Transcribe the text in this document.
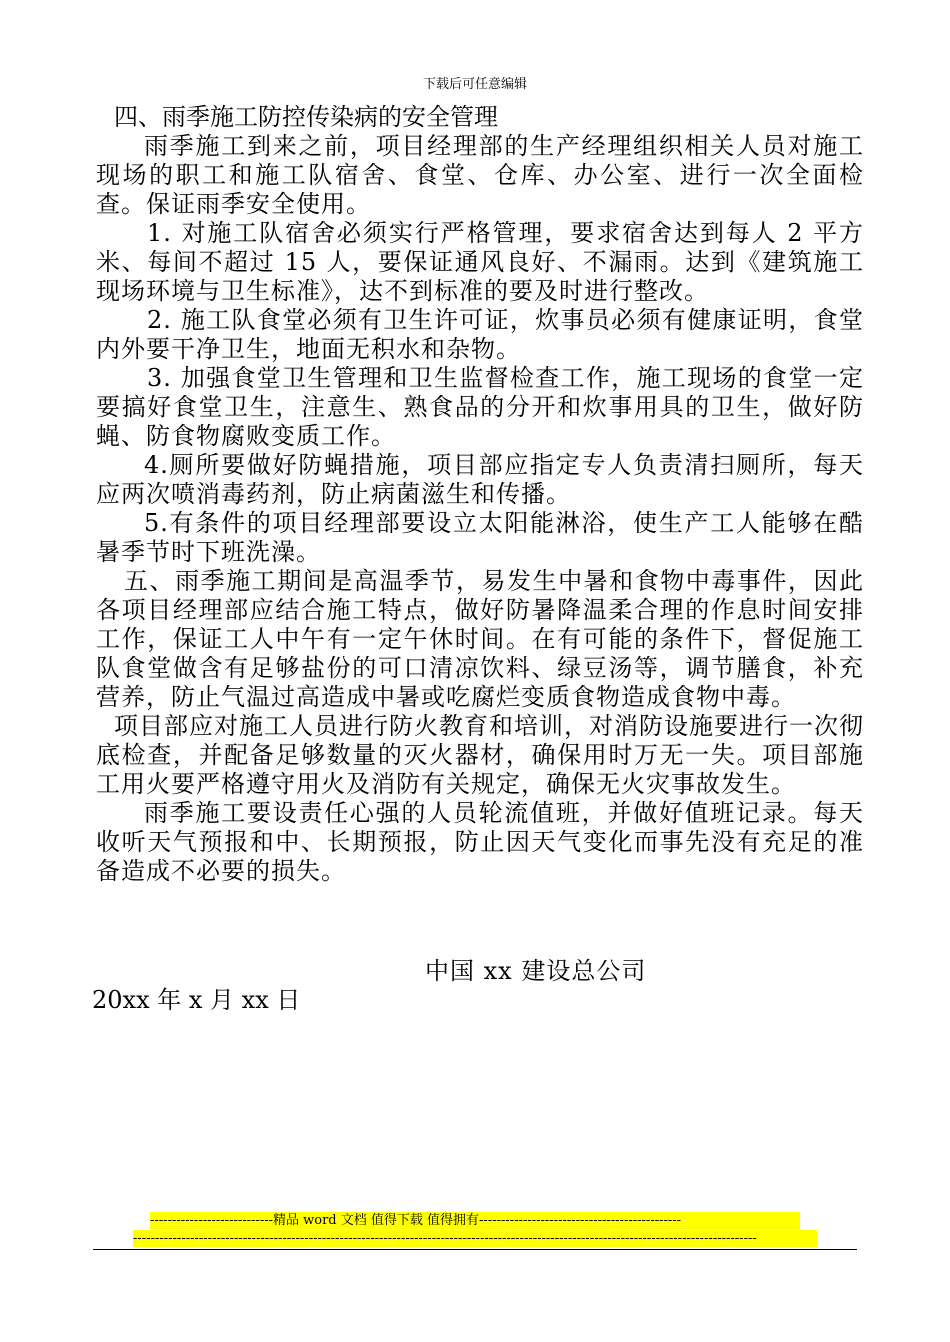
下载后可任意编辑

四、雨季施工防控传染病的安全管理

雨季施工到来之前，项目经理部的生产经理组织相关人员对施工现场的职工和施工队宿舍、食堂、仓库、办公室、进行一次全面检查。保证雨季安全使用。

1. 对施工队宿舍必须实行严格管理，要求宿舍达到每人 2 平方米、每间不超过 15 人，要保证通风良好、不漏雨。达到《建筑施工现场环境与卫生标准》，达不到标准的要及时进行整改。

2. 施工队食堂必须有卫生许可证，炊事员必须有健康证明，食堂内外要干净卫生，地面无积水和杂物。

3. 加强食堂卫生管理和卫生监督检查工作，施工现场的食堂一定要搞好食堂卫生，注意生、熟食品的分开和炊事用具的卫生，做好防蝇、防食物腐败变质工作。

4.厕所要做好防蝇措施，项目部应指定专人负责清扫厕所，每天应两次喷消毒药剂，防止病菌滋生和传播。

5.有条件的项目经理部要设立太阳能淋浴，使生产工人能够在酷暑季节时下班洗澡。

五、雨季施工期间是高温季节，易发生中暑和食物中毒事件，因此各项目经理部应结合施工特点，做好防暑降温柔合理的作息时间安排工作，保证工人中午有一定午休时间。在有可能的条件下，督促施工队食堂做含有足够盐份的可口清凉饮料、绿豆汤等，调节膳食，补充营养，防止气温过高造成中暑或吃腐烂变质食物造成食物中毒。

项目部应对施工人员进行防火教育和培训，对消防设施要进行一次彻底检查，并配备足够数量的灭火器材，确保用时万无一失。项目部施工用火要严格遵守用火及消防有关规定，确保无火灾事故发生。

雨季施工要设责任心强的人员轮流值班，并做好值班记录。每天收听天气预报和中、长期预报，防止因天气变化而事先没有充足的准备造成不必要的损失。

中国 xx 建设总公司
20xx 年 x 月 xx 日
----------------------------精品 word 文档 值得下载 值得拥有----------------------------------------------
----------------------------------------------------------------------------------------------------------------------------------------------
